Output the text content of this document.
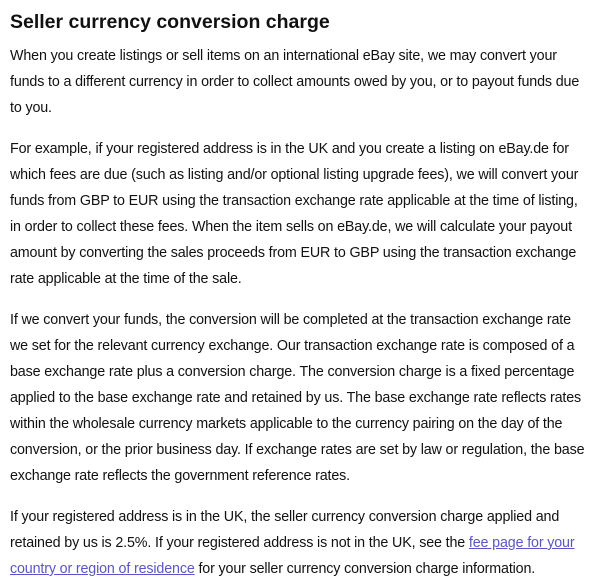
Seller currency conversion charge

When you create listings or sell items on an international eBay site, we may convert your funds to a different currency in order to collect amounts owed by you, or to payout funds due to you.

For example, if your registered address is in the UK and you create a listing on eBay.de for which fees are due (such as listing and/or optional listing upgrade fees), we will convert your funds from GBP to EUR using the transaction exchange rate applicable at the time of listing, in order to collect these fees. When the item sells on eBay.de, we will calculate your payout amount by converting the sales proceeds from EUR to GBP using the transaction exchange rate applicable at the time of the sale.

If we convert your funds, the conversion will be completed at the transaction exchange rate we set for the relevant currency exchange. Our transaction exchange rate is composed of a base exchange rate plus a conversion charge. The conversion charge is a fixed percentage applied to the base exchange rate and retained by us. The base exchange rate reflects rates within the wholesale currency markets applicable to the currency pairing on the day of the conversion, or the prior business day. If exchange rates are set by law or regulation, the base exchange rate reflects the government reference rates.

If your registered address is in the UK, the seller currency conversion charge applied and retained by us is 2.5%. If your registered address is not in the UK, see the fee page for your country or region of residence for your seller currency conversion charge information.
